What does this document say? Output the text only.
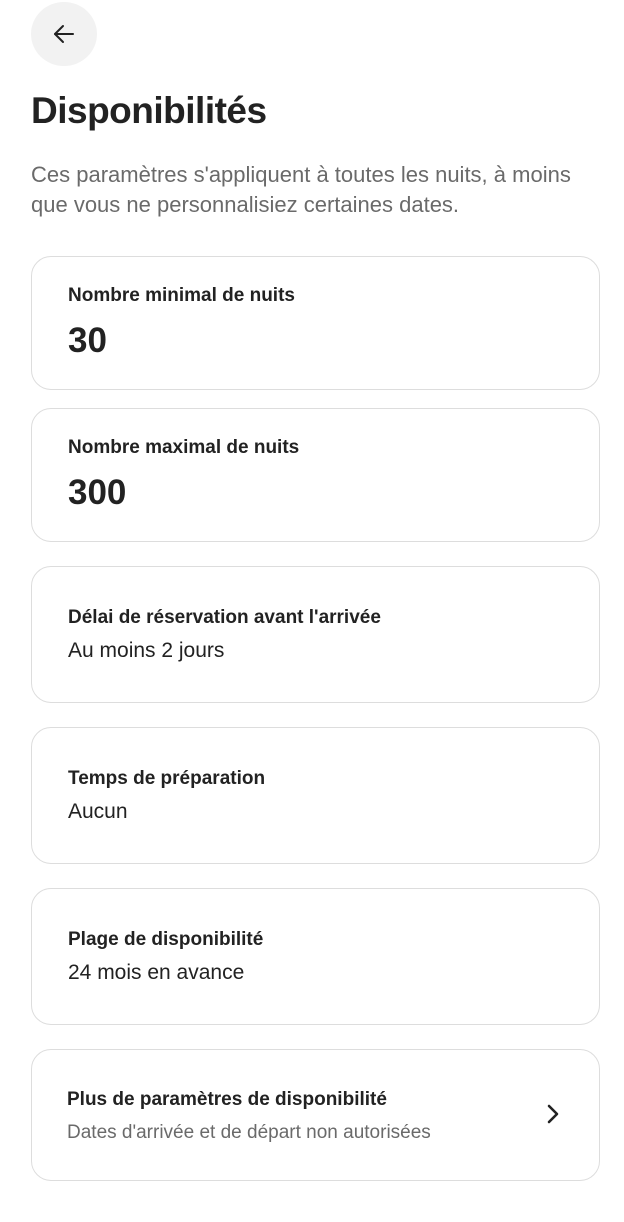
Disponibilités

Ces paramètres s'appliquent à toutes les nuits, à moins que vous ne personnalisiez certaines dates.

Nombre minimal de nuits
30
Nombre maximal de nuits
300
Délai de réservation avant l'arrivée
Au moins 2 jours
Temps de préparation
Aucun
Plage de disponibilité
24 mois en avance
Plus de paramètres de disponibilité
Dates d'arrivée et de départ non autorisées
